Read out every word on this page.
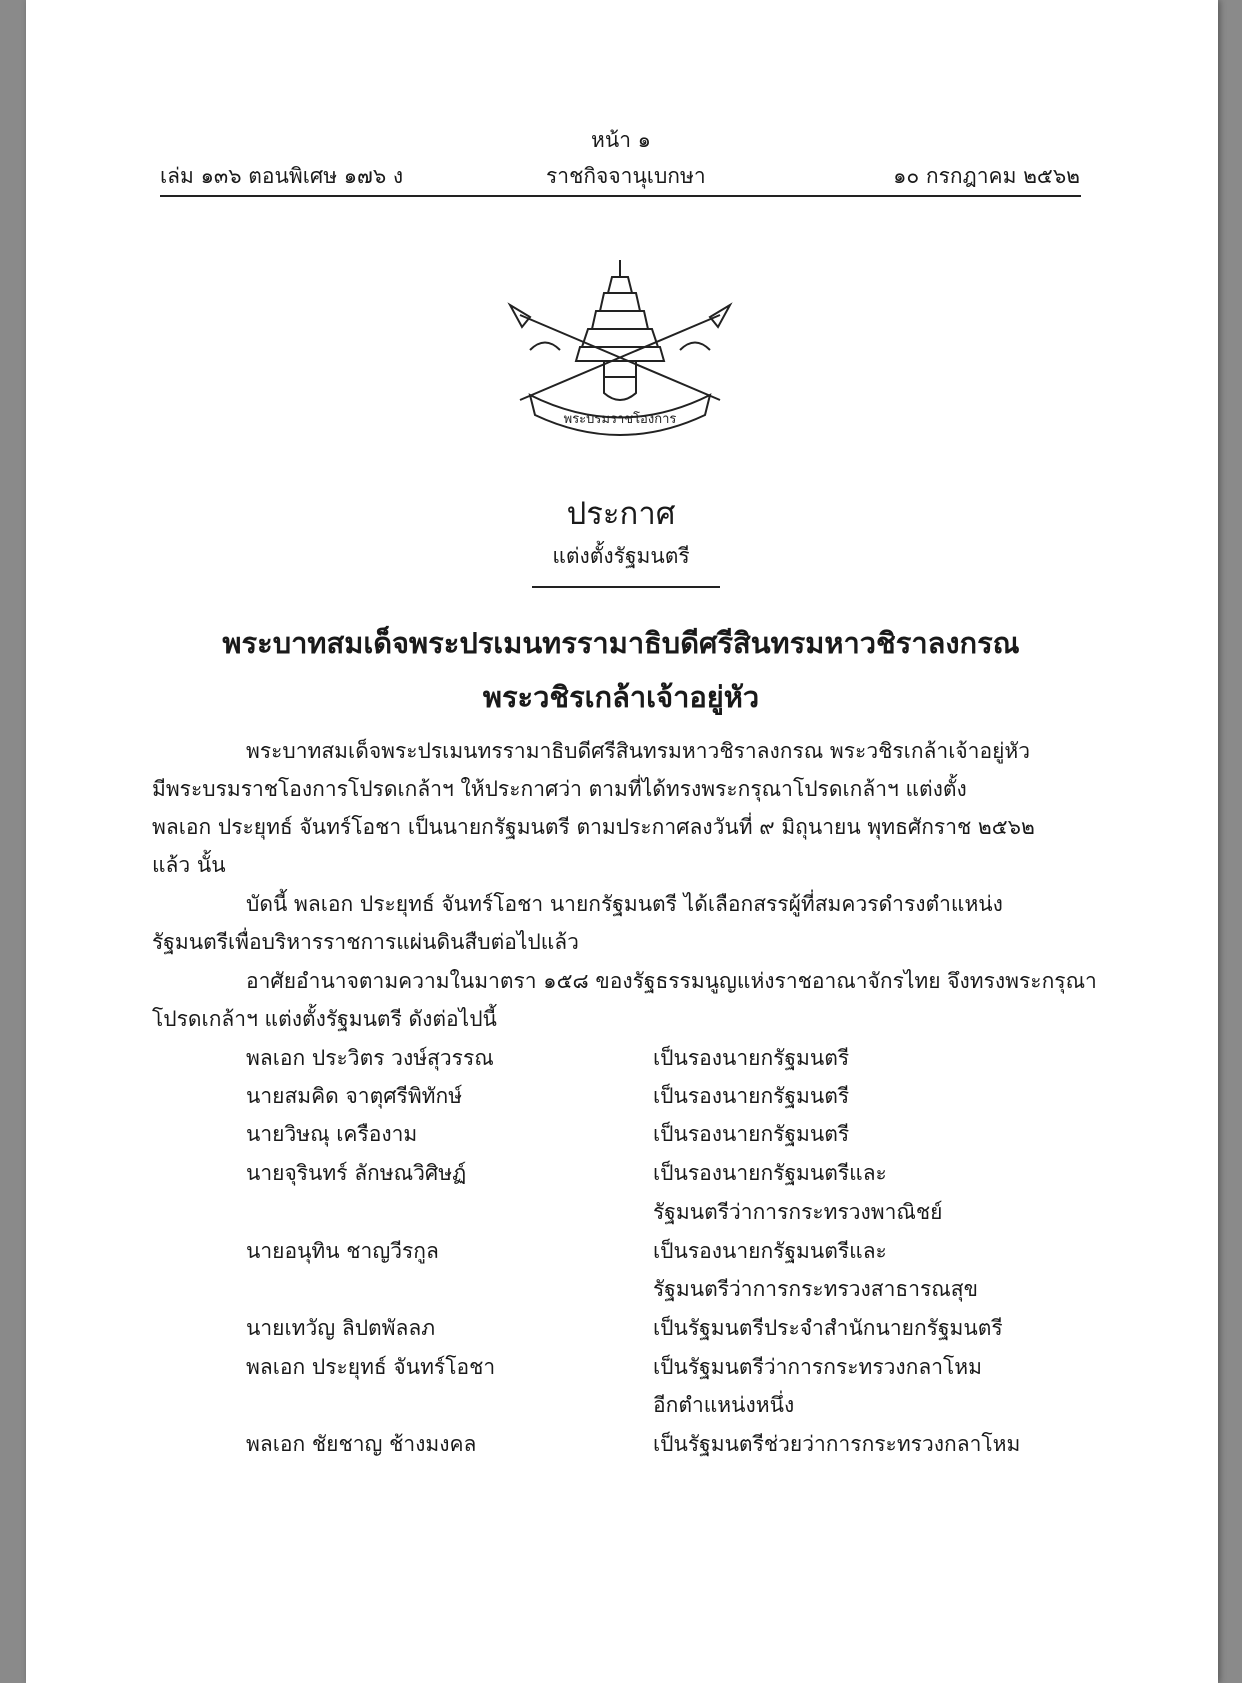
หน้า ๑
เล่ม ๑๓๖ ตอนพิเศษ ๑๗๖ ง	ราชกิจจานุเบกษา	๑๐ กรกฎาคม ๒๕๖๒
พระบรมราชโองการ
ประกาศ
แต่งตั้งรัฐมนตรี
พระบาทสมเด็จพระปรเมนทรรามาธิบดีศรีสินทรมหาวชิราลงกรณ
พระวชิรเกล้าเจ้าอยู่หัว
พระบาทสมเด็จพระปรเมนทรรามาธิบดีศรีสินทรมหาวชิราลงกรณ พระวชิรเกล้าเจ้าอยู่หัว
มีพระบรมราชโองการโปรดเกล้าฯ ให้ประกาศว่า ตามที่ได้ทรงพระกรุณาโปรดเกล้าฯ แต่งตั้ง
พลเอก ประยุทธ์ จันทร์โอชา เป็นนายกรัฐมนตรี ตามประกาศลงวันที่ ๙ มิถุนายน พุทธศักราช ๒๕๖๒
แล้ว นั้น
บัดนี้ พลเอก ประยุทธ์ จันทร์โอชา นายกรัฐมนตรี ได้เลือกสรรผู้ที่สมควรดำรงตำแหน่ง
รัฐมนตรีเพื่อบริหารราชการแผ่นดินสืบต่อไปแล้ว
อาศัยอำนาจตามความในมาตรา ๑๕๘ ของรัฐธรรมนูญแห่งราชอาณาจักรไทย จึงทรงพระกรุณา
โปรดเกล้าฯ แต่งตั้งรัฐมนตรี ดังต่อไปนี้
พลเอก ประวิตร วงษ์สุวรรณ	เป็นรองนายกรัฐมนตรี
นายสมคิด จาตุศรีพิทักษ์	เป็นรองนายกรัฐมนตรี
นายวิษณุ เครืองาม	เป็นรองนายกรัฐมนตรี
นายจุรินทร์ ลักษณวิศิษฏ์	เป็นรองนายกรัฐมนตรีและ
รัฐมนตรีว่าการกระทรวงพาณิชย์
นายอนุทิน ชาญวีรกูล	เป็นรองนายกรัฐมนตรีและ
รัฐมนตรีว่าการกระทรวงสาธารณสุข
นายเทวัญ ลิปตพัลลภ	เป็นรัฐมนตรีประจำสำนักนายกรัฐมนตรี
พลเอก ประยุทธ์ จันทร์โอชา	เป็นรัฐมนตรีว่าการกระทรวงกลาโหม
อีกตำแหน่งหนึ่ง
พลเอก ชัยชาญ ช้างมงคล	เป็นรัฐมนตรีช่วยว่าการกระทรวงกลาโหม
